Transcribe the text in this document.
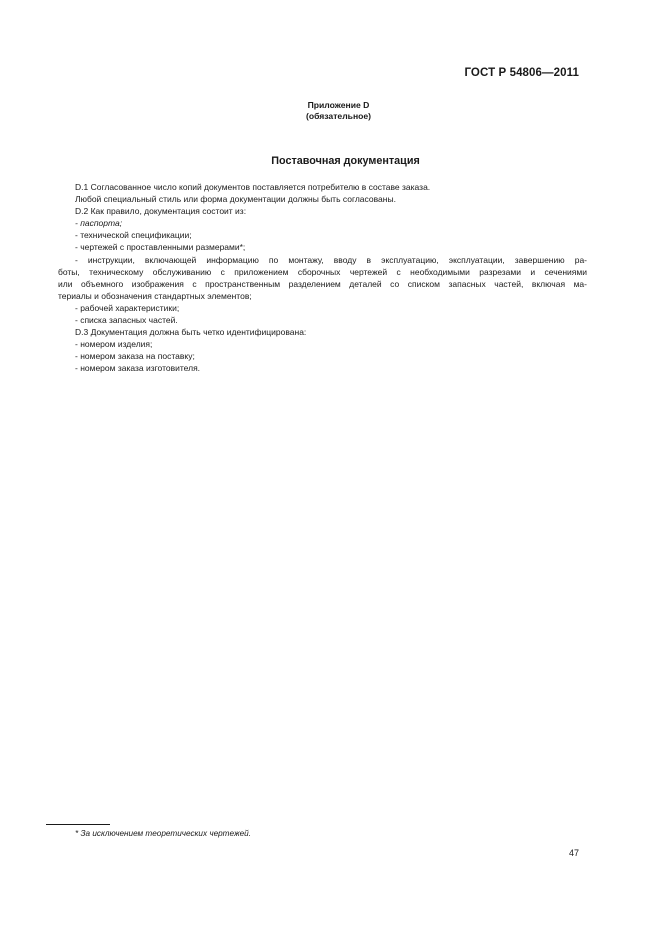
ГОСТ Р 54806—2011
Приложение D
(обязательное)
Поставочная документация

D.1 Согласованное число копий документов поставляется потребителю в составе заказа.

Любой специальный стиль или форма документации должны быть согласованы.

D.2 Как правило, документация состоит из:

- паспорта;

- технической спецификации;

- чертежей с проставленными размерами*;

- инструкции, включающей информацию по монтажу, вводу в эксплуатацию, эксплуатации, завершению ра-

боты, техническому обслуживанию с приложением сборочных чертежей с необходимыми разрезами и сечениями

или объемного изображения с пространственным разделением деталей со списком запасных частей, включая ма-

териалы и обозначения стандартных элементов;

- рабочей характеристики;

- списка запасных частей.

D.3 Документация должна быть четко идентифицирована:

- номером изделия;

- номером заказа на поставку;

- номером заказа изготовителя.

* За исключением теоретических чертежей.
47
